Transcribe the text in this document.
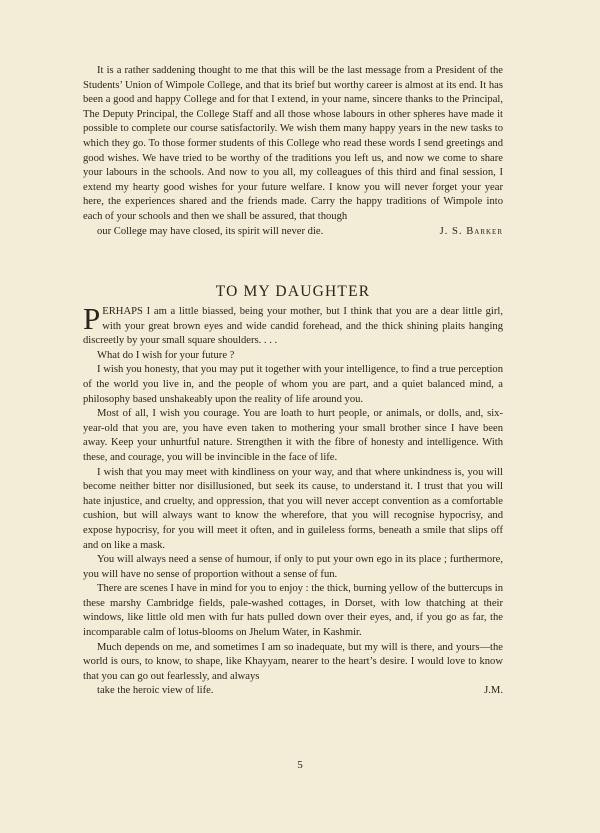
It is a rather saddening thought to me that this will be the last message from a President of the Students’ Union of Wimpole College, and that its brief but worthy career is almost at its end. It has been a good and happy College and for that I extend, in your name, sincere thanks to the Principal, The Deputy Principal, the College Staff and all those whose labours in other spheres have made it possible to complete our course satisfactorily. We wish them many happy years in the new tasks to which they go. To those former students of this College who read these words I send greetings and good wishes. We have tried to be worthy of the traditions you left us, and now we come to share your labours in the schools. And now to you all, my colleagues of this third and final session, I extend my hearty good wishes for your future welfare. I know you will never forget your year here, the experiences shared and the friends made. Carry the happy traditions of Wimpole into each of your schools and then we shall be assured, that though

our College may have closed, its spirit will never die.	J. S. Barker

TO MY DAUGHTER

PERHAPS I am a little biassed, being your mother, but I think that you are a dear little girl, with your great brown eyes and wide candid forehead, and the thick shining plaits hanging discreetly by your small square shoulders. . . .

What do I wish for your future ?

I wish you honesty, that you may put it together with your intelligence, to find a true perception of the world you live in, and the people of whom you are part, and a quiet balanced mind, a philosophy based unshakeably upon the reality of life around you.

Most of all, I wish you courage. You are loath to hurt people, or animals, or dolls, and, six-year-old that you are, you have even taken to mothering your small brother since I have been away. Keep your unhurtful nature. Strengthen it with the fibre of honesty and intelligence. With these, and courage, you will be invincible in the face of life.

I wish that you may meet with kindliness on your way, and that where unkindness is, you will become neither bitter nor disillusioned, but seek its cause, to understand it. I trust that you will hate injustice, and cruelty, and oppression, that you will never accept convention as a comfortable cushion, but will always want to know the wherefore, that you will recognise hypocrisy, and expose hypocrisy, for you will meet it often, and in guileless forms, beneath a smile that slips off and on like a mask.

You will always need a sense of humour, if only to put your own ego in its place ; furthermore, you will have no sense of proportion without a sense of fun.

There are scenes I have in mind for you to enjoy : the thick, burning yellow of the buttercups in these marshy Cambridge fields, pale-washed cottages, in Dorset, with low thatching at their windows, like little old men with fur hats pulled down over their eyes, and, if you go as far, the incomparable calm of lotus-blooms on Jhelum Water, in Kashmir.

Much depends on me, and sometimes I am so inadequate, but my will is there, and yours—the world is ours, to know, to shape, like Khayyam, nearer to the heart’s desire. I would love to know that you can go out fearlessly, and always

take the heroic view of life.	J.M.

5
